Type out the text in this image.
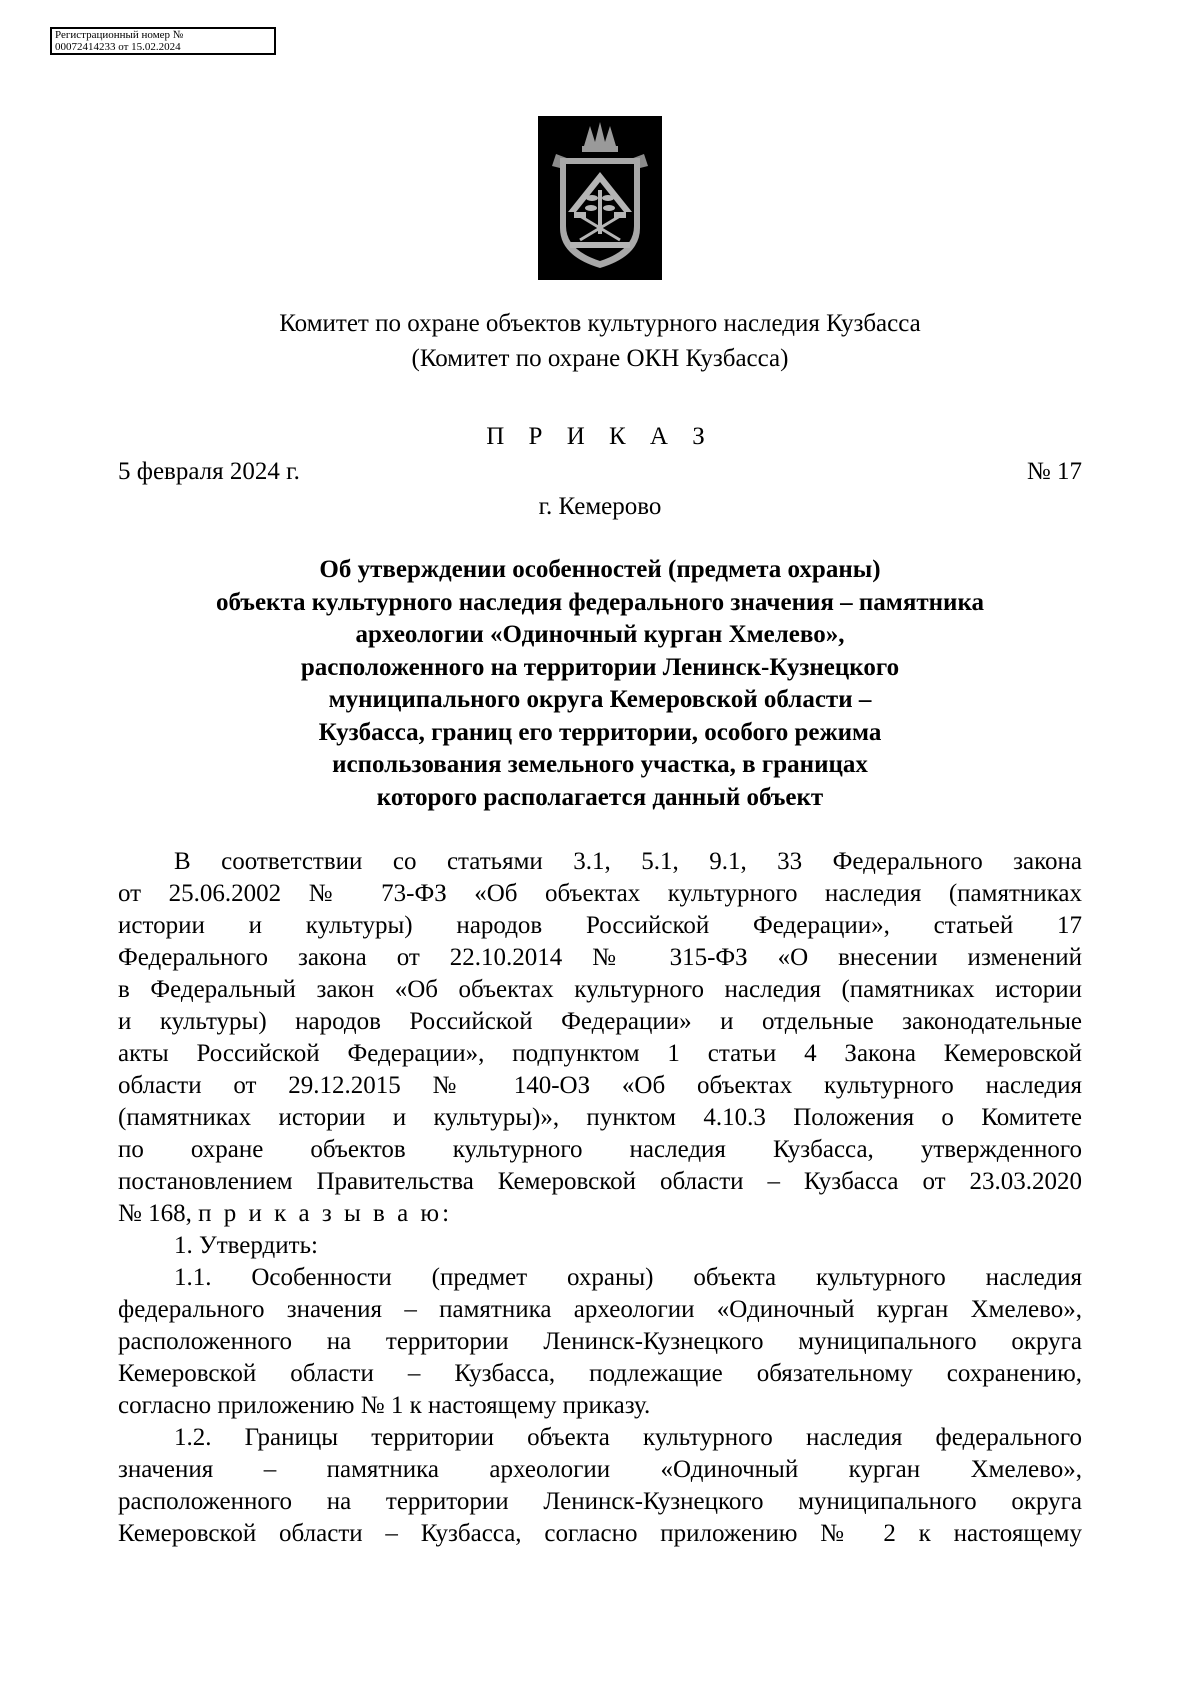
Регистрационный номер №
00072414233 от 15.02.2024
Комитет по охране объектов культурного наследия Кузбасса
(Комитет по охране ОКН Кузбасса)
П Р И К А З
5 февраля 2024 г.	№ 17
г. Кемерово
Об утверждении особенностей (предмета охраны)
объекта культурного наследия федерального значения – памятника
археологии «Одиночный курган Хмелево»,
расположенного на территории Ленинск-Кузнецкого
муниципального округа Кемеровской области –
Кузбасса, границ его территории, особого режима
использования земельного участка, в границах
которого располагается данный объект
В соответствии со статьями 3.1, 5.1, 9.1, 33 Федерального закона
от 25.06.2002 № 73-ФЗ «Об объектах культурного наследия (памятниках
истории и культуры) народов Российской Федерации», статьей 17
Федерального закона от 22.10.2014 № 315-ФЗ «О внесении изменений
в Федеральный закон «Об объектах культурного наследия (памятниках истории
и культуры) народов Российской Федерации» и отдельные законодательные
акты Российской Федерации», подпунктом 1 статьи 4 Закона Кемеровской
области от 29.12.2015 № 140-ОЗ «Об объектах культурного наследия
(памятниках истории и культуры)», пунктом 4.10.3 Положения о Комитете
по охране объектов культурного наследия Кузбасса, утвержденного
постановлением Правительства Кемеровской области – Кузбасса от 23.03.2020
№ 168, п р и к а з ы в а ю:
1. Утвердить:
1.1. Особенности (предмет охраны) объекта культурного наследия
федерального значения – памятника археологии «Одиночный курган Хмелево»,
расположенного на территории Ленинск-Кузнецкого муниципального округа
Кемеровской области – Кузбасса, подлежащие обязательному сохранению,
согласно приложению № 1 к настоящему приказу.
1.2. Границы территории объекта культурного наследия федерального
значения – памятника археологии «Одиночный курган Хмелево»,
расположенного на территории Ленинск-Кузнецкого муниципального округа
Кемеровской области – Кузбасса, согласно приложению № 2 к настоящему
